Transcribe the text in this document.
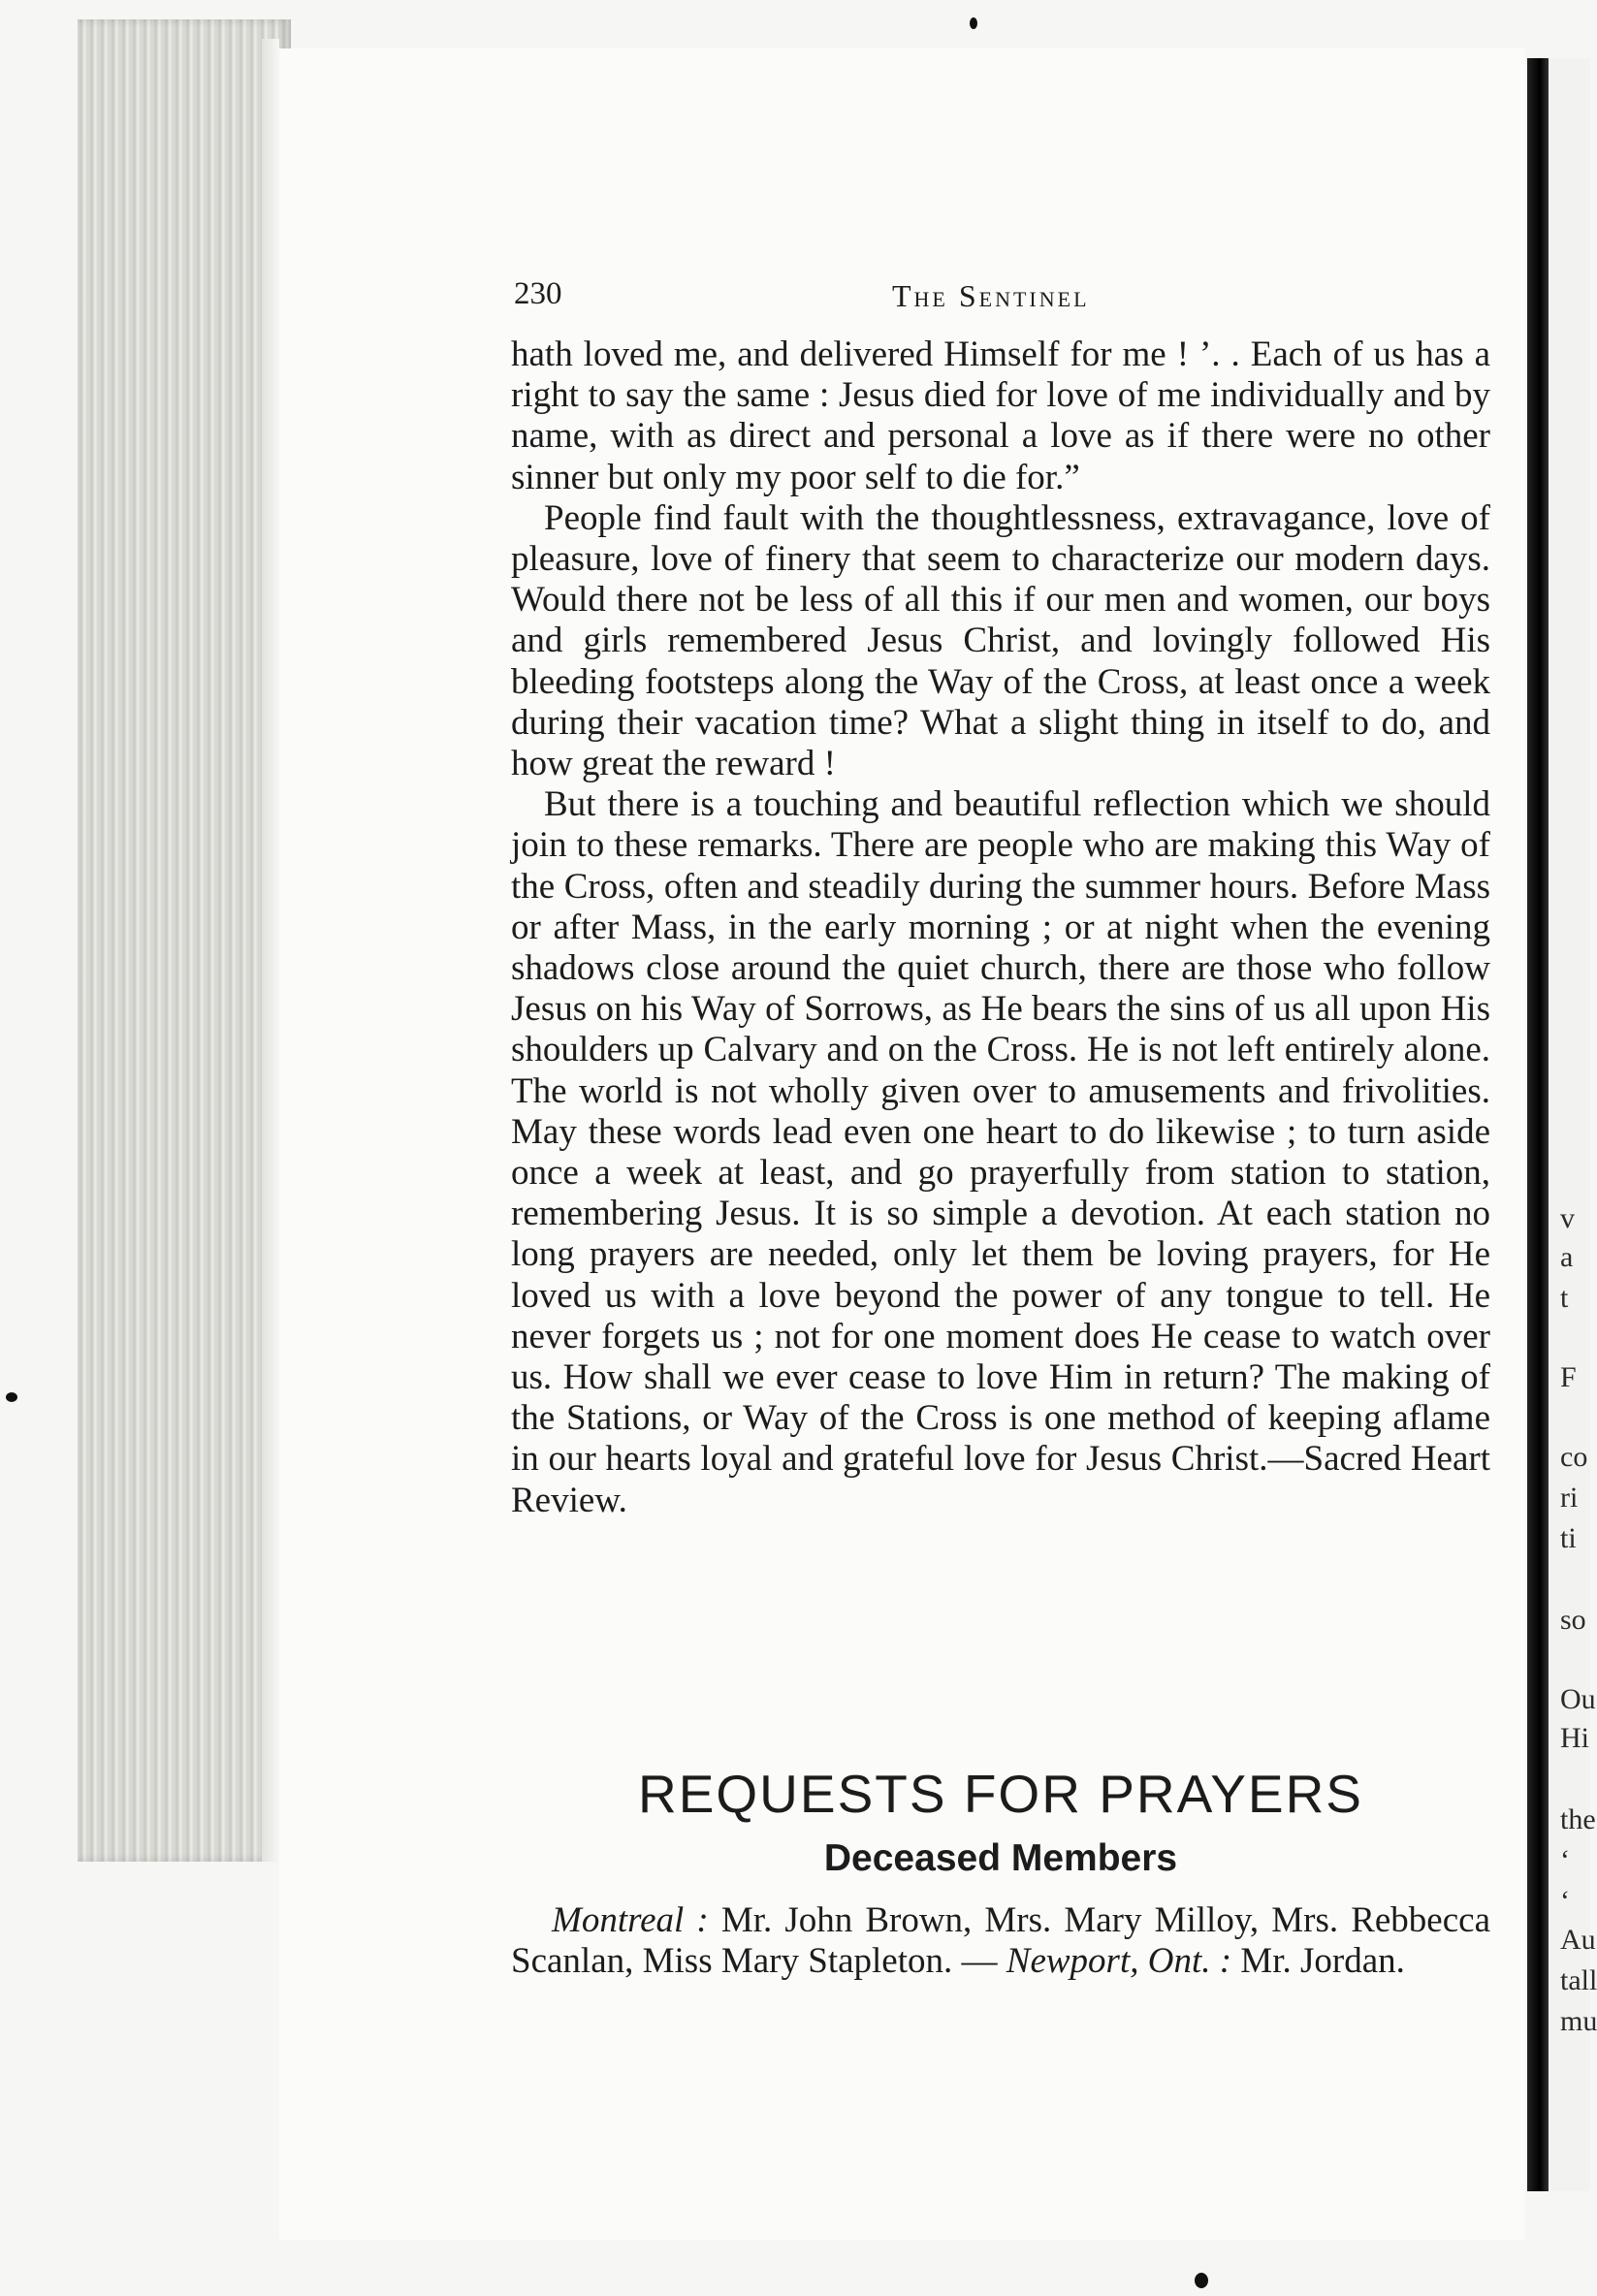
v
a
t
F
co
ri
ti
so
Ou
Hi
the
‘
‘
Au
tall
mu
230	The Sentinel

hath loved me, and delivered Himself for me ! ’. . Each of us has a right to say the same : Jesus died for love of me individually and by name, with as direct and personal a love as if there were no other sinner but only my poor self to die for.”

People find fault with the thoughtlessness, extravagance, love of pleasure, love of finery that seem to characterize our modern days. Would there not be less of all this if our men and women, our boys and girls remembered Jesus Christ, and lovingly followed His bleeding footsteps along the Way of the Cross, at least once a week during their vacation time? What a slight thing in itself to do, and how great the reward !

But there is a touching and beautiful reflection which we should join to these remarks. There are people who are making this Way of the Cross, often and steadily during the summer hours. Before Mass or after Mass, in the early morning ; or at night when the evening shadows close around the quiet church, there are those who follow Jesus on his Way of Sorrows, as He bears the sins of us all upon His shoulders up Calvary and on the Cross. He is not left entirely alone. The world is not wholly given over to amusements and frivolities. May these words lead even one heart to do likewise ; to turn aside once a week at least, and go prayerfully from station to station, remembering Jesus. It is so simple a devotion. At each station no long prayers are needed, only let them be loving prayers, for He loved us with a love beyond the power of any tongue to tell. He never forgets us ; not for one moment does He cease to watch over us. How shall we ever cease to love Him in return? The making of the Stations, or Way of the Cross is one method of keeping aflame in our hearts loyal and grateful love for Jesus Christ.—Sacred Heart Review.

REQUESTS FOR PRAYERS
Deceased Members

Montreal : Mr. John Brown, Mrs. Mary Milloy, Mrs. Rebbecca Scanlan, Miss Mary Stapleton. — Newport, Ont. : Mr. Jordan.
